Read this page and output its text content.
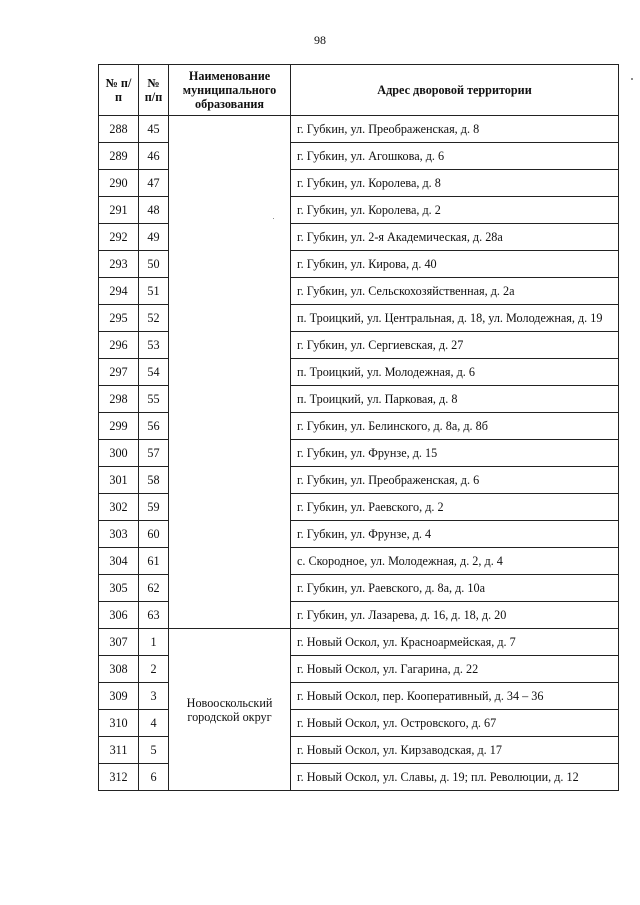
98
№ п/п	№ п/п	Наименование муниципального образования	Адрес дворовой территории
288	45		г. Губкин, ул. Преображенская, д. 8
289	46		г. Губкин, ул. Агошкова, д. 6
290	47		г. Губкин, ул. Королева, д. 8
291	48		г. Губкин, ул. Королева, д. 2
292	49		г. Губкин, ул. 2-я Академическая, д. 28а
293	50		г. Губкин, ул. Кирова, д. 40
294	51		г. Губкин, ул. Сельскохозяйственная, д. 2а
295	52		п. Троицкий, ул. Центральная, д. 18, ул. Молодежная, д. 19
296	53		г. Губкин, ул. Сергиевская, д. 27
297	54		п. Троицкий, ул. Молодежная, д. 6
298	55		п. Троицкий, ул. Парковая, д. 8
299	56		г. Губкин, ул. Белинского, д. 8а, д. 8б
300	57		г. Губкин, ул. Фрунзе, д. 15
301	58		г. Губкин, ул. Преображенская, д. 6
302	59		г. Губкин, ул. Раевского, д. 2
303	60		г. Губкин, ул. Фрунзе, д. 4
304	61		с. Скородное, ул. Молодежная, д. 2, д. 4
305	62		г. Губкин, ул. Раевского, д. 8а, д. 10а
306	63		г. Губкин, ул. Лазарева, д. 16, д. 18, д. 20
307	1	Новооскольский городской округ	г. Новый Оскол, ул. Красноармейская, д. 7
308	2		г. Новый Оскол, ул. Гагарина, д. 22
309	3		г. Новый Оскол, пер. Кооперативный, д. 34 – 36
310	4		г. Новый Оскол, ул. Островского, д. 67
311	5		г. Новый Оскол, ул. Кирзаводская, д. 17
312	6		г. Новый Оскол, ул. Славы, д. 19; пл. Революции, д. 12
